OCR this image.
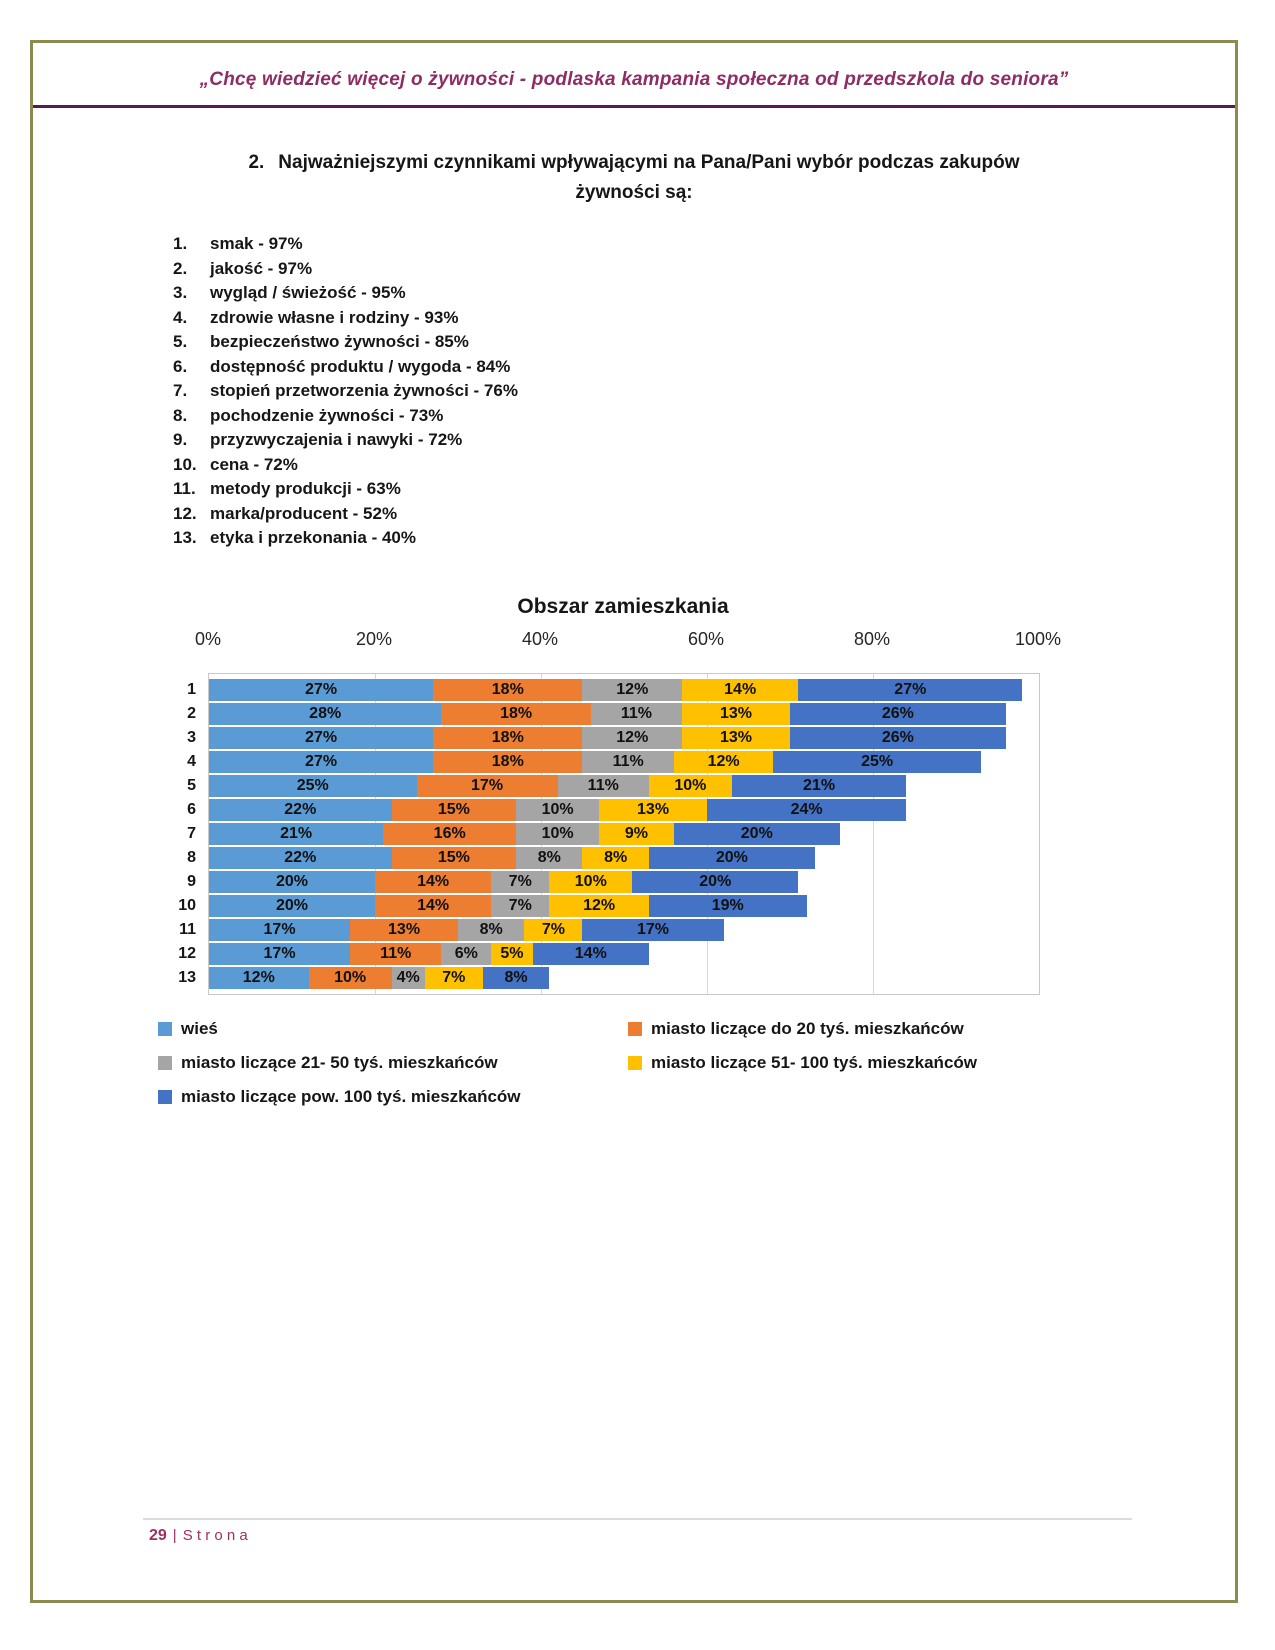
„Chcę wiedzieć więcej o żywności - podlaska kampania społeczna od przedszkola do seniora”
2. Najważniejszymi czynnikami wpływającymi na Pana/Pani wybór podczas zakupów
żywności są:
1.	smak - 97%
2.	jakość - 97%
3.	wygląd / świeżość - 95%
4.	zdrowie własne i rodziny - 93%
5.	bezpieczeństwo żywności - 85%
6.	dostępność produktu / wygoda - 84%
7.	stopień przetworzenia żywności - 76%
8.	pochodzenie żywności - 73%
9.	przyzwyczajenia i nawyki - 72%
10. cena - 72%
11. metody produkcji - 63%
12. marka/producent - 52%
13. etyka i przekonania - 40%
Obszar zamieszkania
0%	20%	40%	60%	80%	100%
1
2
3
4
5
6
7
8
9
10
11
12
13
27%	18%	12%	14%	27%
28%	18%	11%	13%	26%
27%	18%	12%	13%	26%
27%	18%	11%	12%	25%
25%	17%	11%	10%	21%
22%	15%	10%	13%	24%
21%	16%	10%	9%	20%
22%	15%	8%	8%	20%
20%	14%	7%	10%	20%
20%	14%	7%	12%	19%
17%	13%	8% 7%	17%
17%	11%	6% 5%	14%
12%	10% 4% 7% 8%
wieś	miasto liczące do 20 tyś. mieszkańców
miasto liczące 21- 50 tyś. mieszkańców	miasto liczące 51- 100 tyś. mieszkańców
miasto liczące pow. 100 tyś. mieszkańców
29 | S t r o n a
